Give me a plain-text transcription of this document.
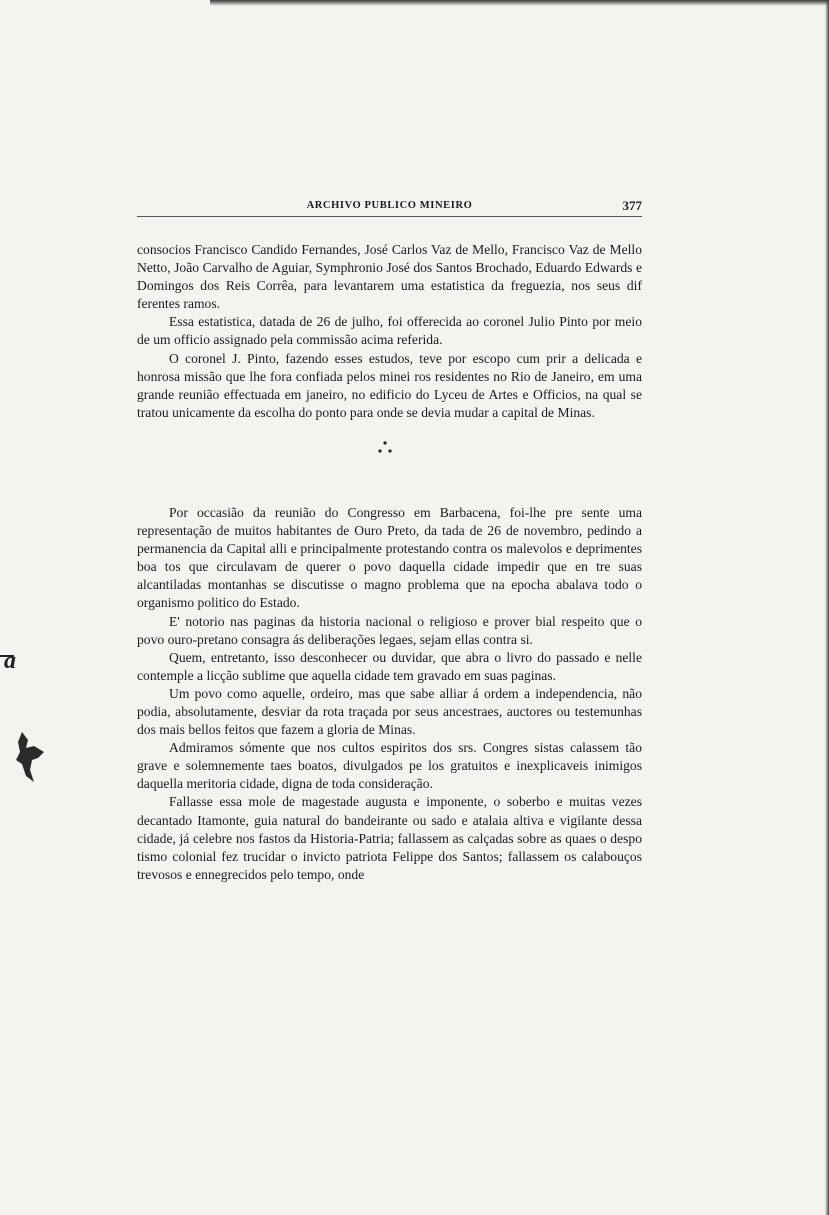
a
ARCHIVO PUBLICO MINEIRO	377

consocios Francisco Candido Fernandes, José Carlos Vaz de Mello, Francisco Vaz de Mello Netto, João Carvalho de Aguiar, Symphronio José dos Santos Brochado, Eduardo Edwards e Domingos dos Reis Corrêa, para levantarem uma estatistica da freguezia, nos seus dif ferentes ramos.

Essa estatistica, datada de 26 de julho, foi offerecida ao coronel Julio Pinto por meio de um officio assignado pela commissão acima referida.

O coronel J. Pinto, fazendo esses estudos, teve por escopo cum prir a delicada e honrosa missão que lhe fora confiada pelos minei ros residentes no Rio de Janeiro, em uma grande reunião effectuada em janeiro, no edificio do Lyceu de Artes e Officios, na qual se tratou unicamente da escolha do ponto para onde se devia mudar a capital de Minas.

Por occasião da reunião do Congresso em Barbacena, foi-lhe pre sente uma representação de muitos habitantes de Ouro Preto, da tada de 26 de novembro, pedindo a permanencia da Capital alli e principalmente protestando contra os malevolos e deprimentes boa tos que circulavam de querer o povo daquella cidade impedir que en tre suas alcantiladas montanhas se discutisse o magno problema que na epocha abalava todo o organismo politico do Estado.

E' notorio nas paginas da historia nacional o religioso e prover bial respeito que o povo ouro-pretano consagra ás deliberações legaes, sejam ellas contra si.

Quem, entretanto, isso desconhecer ou duvidar, que abra o livro do passado e nelle contemple a licção sublime que aquella cidade tem gravado em suas paginas.

Um povo como aquelle, ordeiro, mas que sabe alliar á ordem a independencia, não podia, absolutamente, desviar da rota traçada por seus ancestraes, auctores ou testemunhas dos mais bellos feitos que fazem a gloria de Minas.

Admiramos sómente que nos cultos espiritos dos srs. Congres sistas calassem tão grave e solemnemente taes boatos, divulgados pe los gratuitos e inexplicaveis inimigos daquella meritoria cidade, digna de toda consideração.

Fallasse essa mole de magestade augusta e imponente, o soberbo e muitas vezes decantado Itamonte, guia natural do bandeirante ou sado e atalaia altiva e vigilante dessa cidade, já celebre nos fastos da Historia-Patria; fallassem as calçadas sobre as quaes o despo tismo colonial fez trucidar o invicto patriota Felippe dos Santos; fallassem os calabouços trevosos e ennegrecidos pelo tempo, onde
